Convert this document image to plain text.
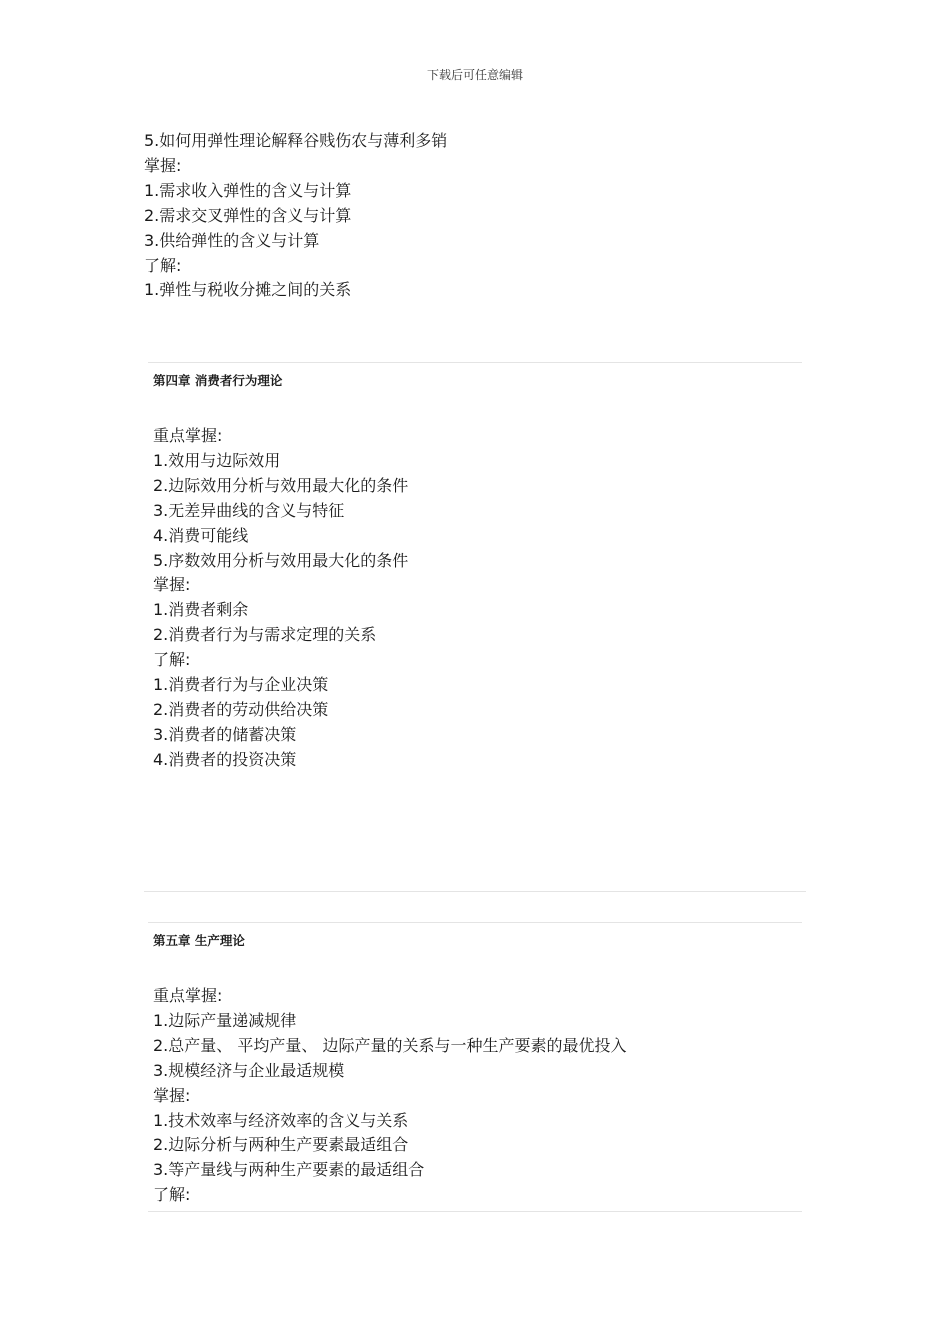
下载后可任意编辑
5.如何用弹性理论解释谷贱伤农与薄利多销
掌握:
1.需求收入弹性的含义与计算
2.需求交叉弹性的含义与计算
3.供给弹性的含义与计算
了解:
1.弹性与税收分摊之间的关系
第四章 消费者行为理论
重点掌握:
1.效用与边际效用
2.边际效用分析与效用最大化的条件
3.无差异曲线的含义与特征
4.消费可能线
5.序数效用分析与效用最大化的条件
掌握:
1.消费者剩余
2.消费者行为与需求定理的关系
了解:
1.消费者行为与企业决策
2.消费者的劳动供给决策
3.消费者的储蓄决策
4.消费者的投资决策
第五章 生产理论
重点掌握:
1.边际产量递减规律
2.总产量、 平均产量、 边际产量的关系与一种生产要素的最优投入
3.规模经济与企业最适规模
掌握:
1.技术效率与经济效率的含义与关系
2.边际分析与两种生产要素最适组合
3.等产量线与两种生产要素的最适组合
了解:
